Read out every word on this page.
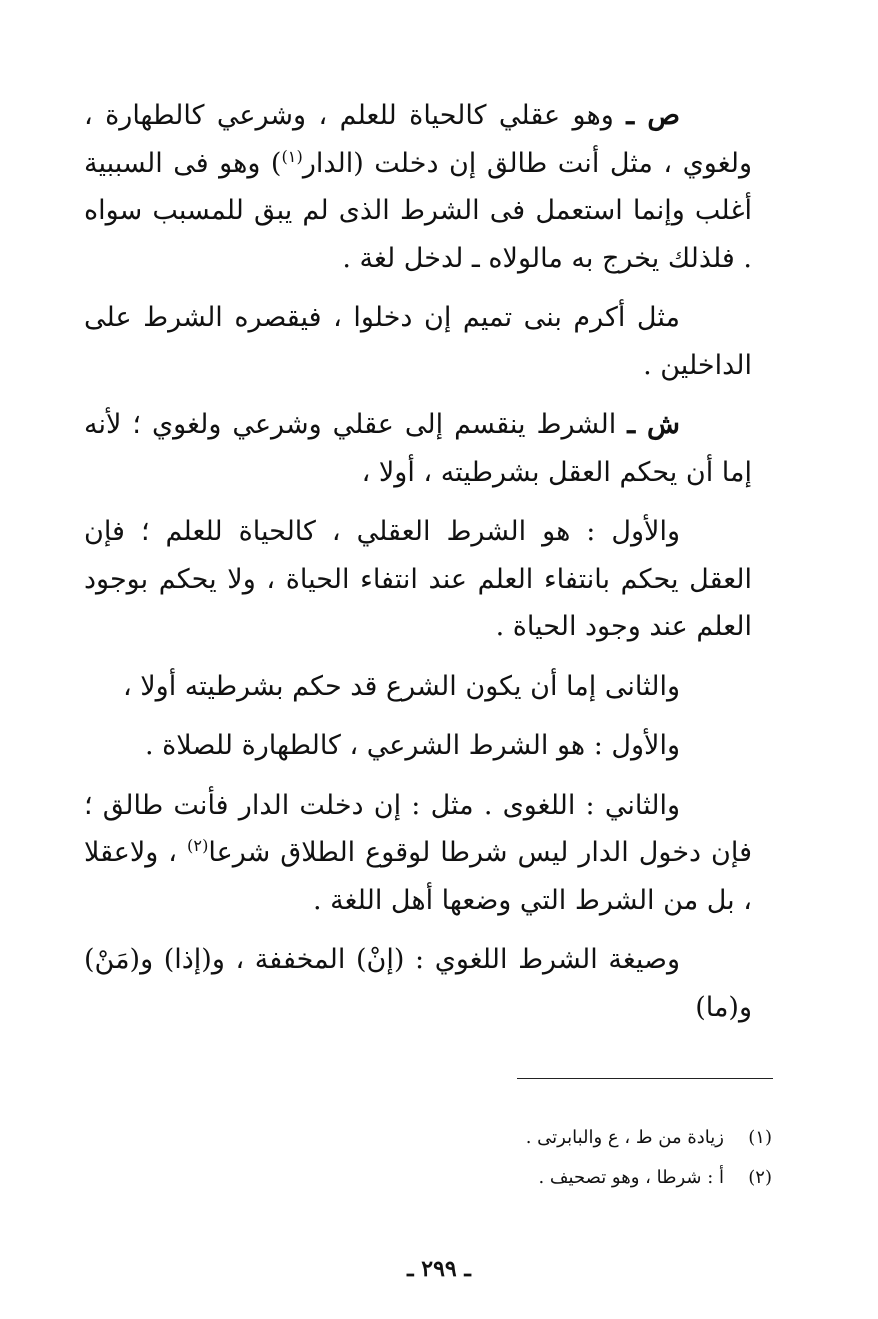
ص ـ وهو عقلي كالحياة للعلم ، وشرعي كالطهارة ، ولغوي ، مثل أنت طالق إن دخلت (الدار$^{(١)}$) وهو فى السببية أغلب وإنما استعمل فى الشرط الذى لم يبق للمسبب سواه . فلذلك يخرج به مالولاه ـ لدخل لغة .

مثل أكرم بنى تميم إن دخلوا ، فيقصره الشرط على الداخلين .

ش ـ الشرط ينقسم إلى عقلي وشرعي ولغوي ؛ لأنه إما أن يحكم العقل بشرطيته ، أولا ،

والأول : هو الشرط العقلي ، كالحياة للعلم ؛ فإن العقل يحكم بانتفاء العلم عند انتفاء الحياة ، ولا يحكم بوجود العلم عند وجود الحياة .

والثانى إما أن يكون الشرع قد حكم بشرطيته أولا ،

والأول : هو الشرط الشرعي ، كالطهارة للصلاة .

والثاني : اللغوى . مثل : إن دخلت الدار فأنت طالق ؛ فإن دخول الدار ليس شرطا لوقوع الطلاق شرعا$^{(٢)}$ ، ولاعقلا ، بل من الشرط التي وضعها أهل اللغة .

وصيغة الشرط اللغوي : (إنْ) المخففة ، و(إذا) و(مَنْ) و(ما)

(١)
زيادة من ط ، ع والبابرتى .
(٢)
أ : شرطا ، وهو تصحيف .
ـ ٢٩٩ ـ
